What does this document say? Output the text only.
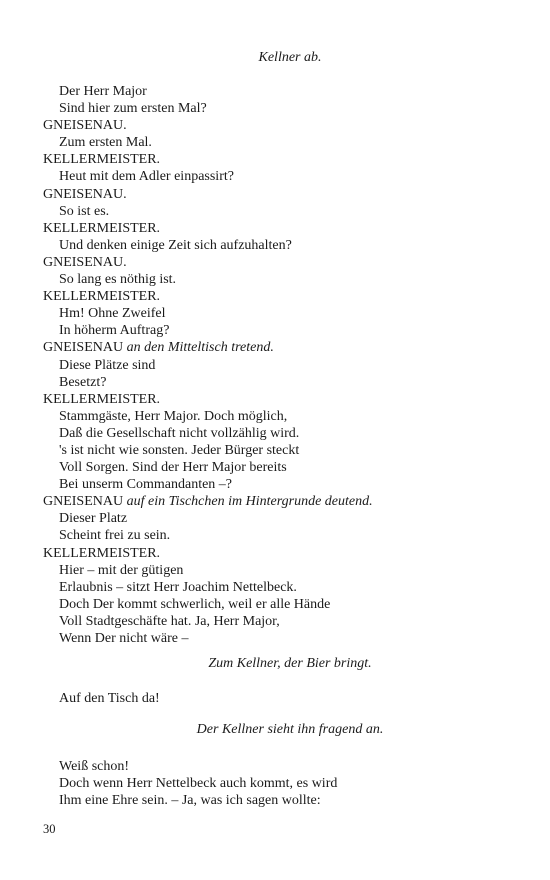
Kellner ab.
Der Herr Major
Sind hier zum ersten Mal?
GNEISENAU.
Zum ersten Mal.
KELLERMEISTER.
Heut mit dem Adler einpassirt?
GNEISENAU.
So ist es.
KELLERMEISTER.
Und denken einige Zeit sich aufzuhalten?
GNEISENAU.
So lang es nöthig ist.
KELLERMEISTER.
Hm! Ohne Zweifel
In höherm Auftrag?
GNEISENAU an den Mitteltisch tretend.
Diese Plätze sind
Besetzt?
KELLERMEISTER.
Stammgäste, Herr Major. Doch möglich,
Daß die Gesellschaft nicht vollzählig wird.
's ist nicht wie sonsten. Jeder Bürger steckt
Voll Sorgen. Sind der Herr Major bereits
Bei unserm Commandanten –?
GNEISENAU auf ein Tischchen im Hintergrunde deutend.
Dieser Platz
Scheint frei zu sein.
KELLERMEISTER.
Hier – mit der gütigen
Erlaubnis – sitzt Herr Joachim Nettelbeck.
Doch Der kommt schwerlich, weil er alle Hände
Voll Stadtgeschäfte hat. Ja, Herr Major,
Wenn Der nicht wäre –
Zum Kellner, der Bier bringt.
Auf den Tisch da!
Der Kellner sieht ihn fragend an.
Weiß schon!
Doch wenn Herr Nettelbeck auch kommt, es wird
Ihm eine Ehre sein. – Ja, was ich sagen wollte:
30
